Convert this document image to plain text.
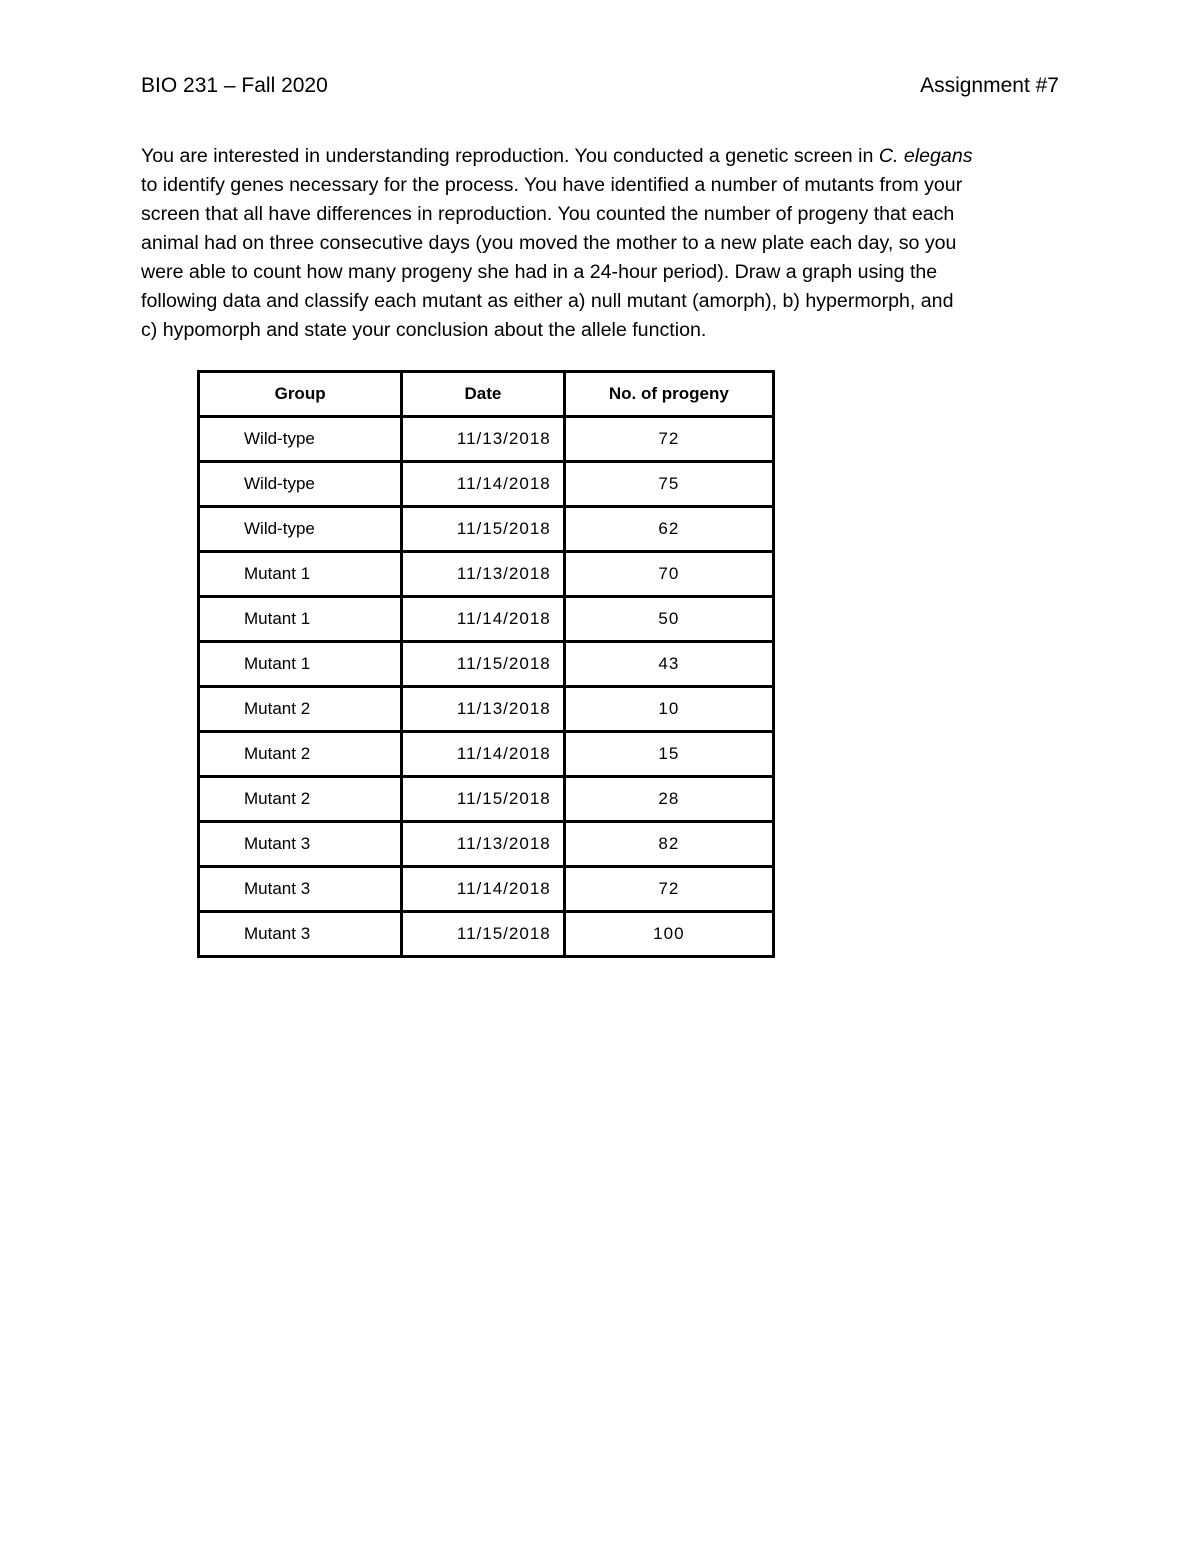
BIO 231 – Fall 2020	Assignment #7

You are interested in understanding reproduction. You conducted a genetic screen in C. elegans
to identify genes necessary for the process. You have identified a number of mutants from your
screen that all have differences in reproduction. You counted the number of progeny that each
animal had on three consecutive days (you moved the mother to a new plate each day, so you
were able to count how many progeny she had in a 24-hour period). Draw a graph using the
following data and classify each mutant as either a) null mutant (amorph), b) hypermorph, and
c) hypomorph and state your conclusion about the allele function.

Group	Date	No. of progeny
Wild-type	11/13/2018	72
Wild-type	11/14/2018	75
Wild-type	11/15/2018	62
Mutant 1	11/13/2018	70
Mutant 1	11/14/2018	50
Mutant 1	11/15/2018	43
Mutant 2	11/13/2018	10
Mutant 2	11/14/2018	15
Mutant 2	11/15/2018	28
Mutant 3	11/13/2018	82
Mutant 3	11/14/2018	72
Mutant 3	11/15/2018	100
